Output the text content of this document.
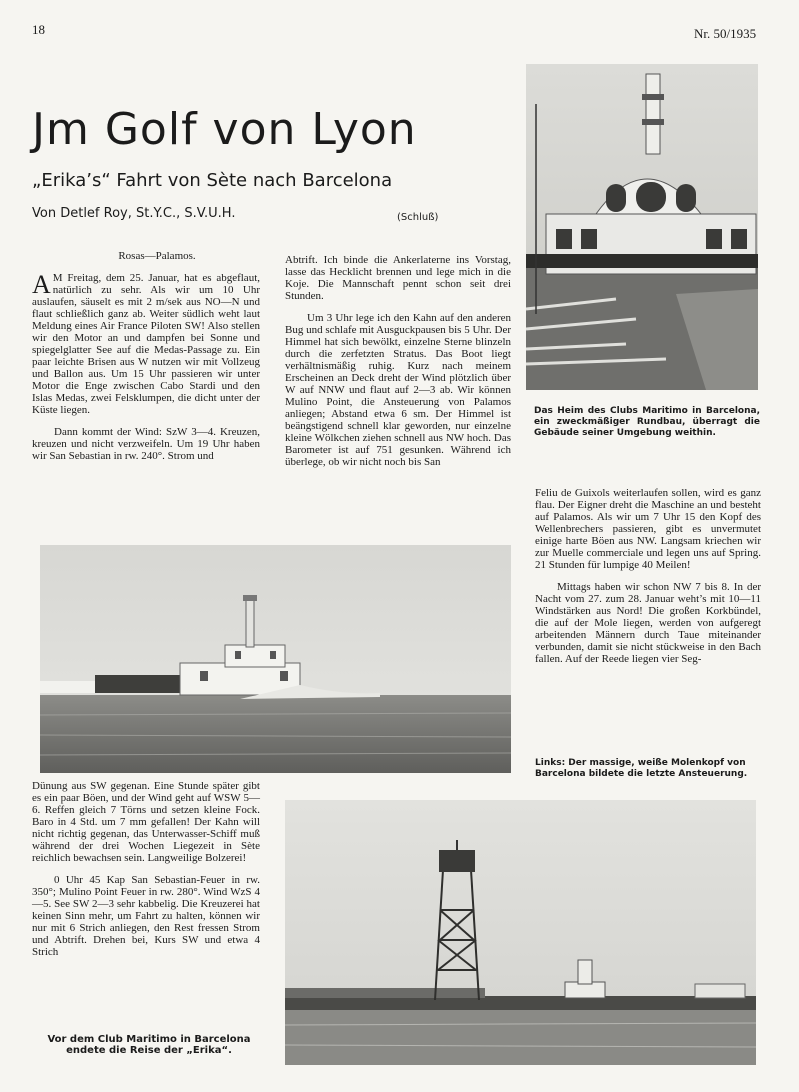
18	Nr. 50/1935
Jm Golf von Lyon
„Erika’s“ Fahrt von Sète nach Barcelona
Von Detlef Roy, St.Y.C., S.V.U.H.	(Schluß)
Das Heim des Clubs Maritimo in Barcelona, ein zweckmäßiger Rundbau, überragt die Gebäude seiner Umgebung weithin.

Rosas—Palamos.

A M Freitag, dem 25. Januar, hat es abgeflaut, natürlich zu sehr. Als wir um 10 Uhr auslaufen, säuselt es mit 2 m/sek aus NO—N und flaut schließlich ganz ab. Weiter südlich weht laut Meldung eines Air France Piloten SW! Also stellen wir den Motor an und dampfen bei Sonne und spiegelglatter See auf die Medas-Passage zu. Ein paar leichte Brisen aus W nutzen wir mit Vollzeug und Ballon aus. Um 15 Uhr passieren wir unter Motor die Enge zwischen Cabo Stardi und den Islas Medas, zwei Felsklumpen, die dicht unter der Küste liegen.

Dann kommt der Wind: SzW 3—4. Kreuzen, kreuzen und nicht verzweifeln. Um 19 Uhr haben wir San Sebastian in rw. 240°. Strom und

Abtrift. Ich binde die Ankerlaterne ins Vorstag, lasse das Hecklicht brennen und lege mich in die Koje. Die Mannschaft pennt schon seit drei Stunden.

Um 3 Uhr lege ich den Kahn auf den anderen Bug und schlafe mit Ausguckpausen bis 5 Uhr. Der Himmel hat sich bewölkt, einzelne Sterne blinzeln durch die zerfetzten Stratus. Das Boot liegt verhältnismäßig ruhig. Kurz nach meinem Erscheinen an Deck dreht der Wind plötzlich über W auf NNW und flaut auf 2—3 ab. Wir können Mulino Point, die Ansteuerung von Palamos anliegen; Abstand etwa 6 sm. Der Himmel ist beängstigend schnell klar geworden, nur einzelne kleine Wölkchen ziehen schnell aus NW hoch. Das Barometer ist auf 751 gesunken. Während ich überlege, ob wir nicht noch bis San

Feliu de Guixols weiterlaufen sollen, wird es ganz flau. Der Eigner dreht die Maschine an und besteht auf Palamos. Als wir um 7 Uhr 15 den Kopf des Wellenbrechers passieren, gibt es unvermutet einige harte Böen aus NW. Langsam kriechen wir zur Muelle commerciale und legen uns auf Spring. 21 Stunden für lumpige 40 Meilen!

Mittags haben wir schon NW 7 bis 8. In der Nacht vom 27. zum 28. Januar weht’s mit 10—11 Windstärken aus Nord! Die großen Korkbündel, die auf der Mole liegen, werden von aufgeregt arbeitenden Männern durch Taue miteinander verbunden, damit sie nicht stückweise in den Bach fallen. Auf der Reede liegen vier Seg-

Links: Der massige, weiße Molenkopf von Barcelona bildete die letzte Ansteuerung.

Dünung aus SW gegenan. Eine Stunde später gibt es ein paar Böen, und der Wind geht auf WSW 5—6. Reffen gleich 7 Törns und setzen kleine Fock. Baro in 4 Std. um 7 mm gefallen! Der Kahn will nicht richtig gegenan, das Unterwasser-Schiff muß während der drei Wochen Liegezeit in Sète reichlich bewachsen sein. Langweilige Bolzerei!

0 Uhr 45 Kap San Sebastian-Feuer in rw. 350°; Mulino Point Feuer in rw. 280°. Wind WzS 4—5. See SW 2—3 sehr kabbelig. Die Kreuzerei hat keinen Sinn mehr, um Fahrt zu halten, können wir nur mit 6 Strich anliegen, den Rest fressen Strom und Abtrift. Drehen bei, Kurs SW und etwa 4 Strich

Vor dem Club Maritimo in Barcelona endete die Reise der „Erika“.
